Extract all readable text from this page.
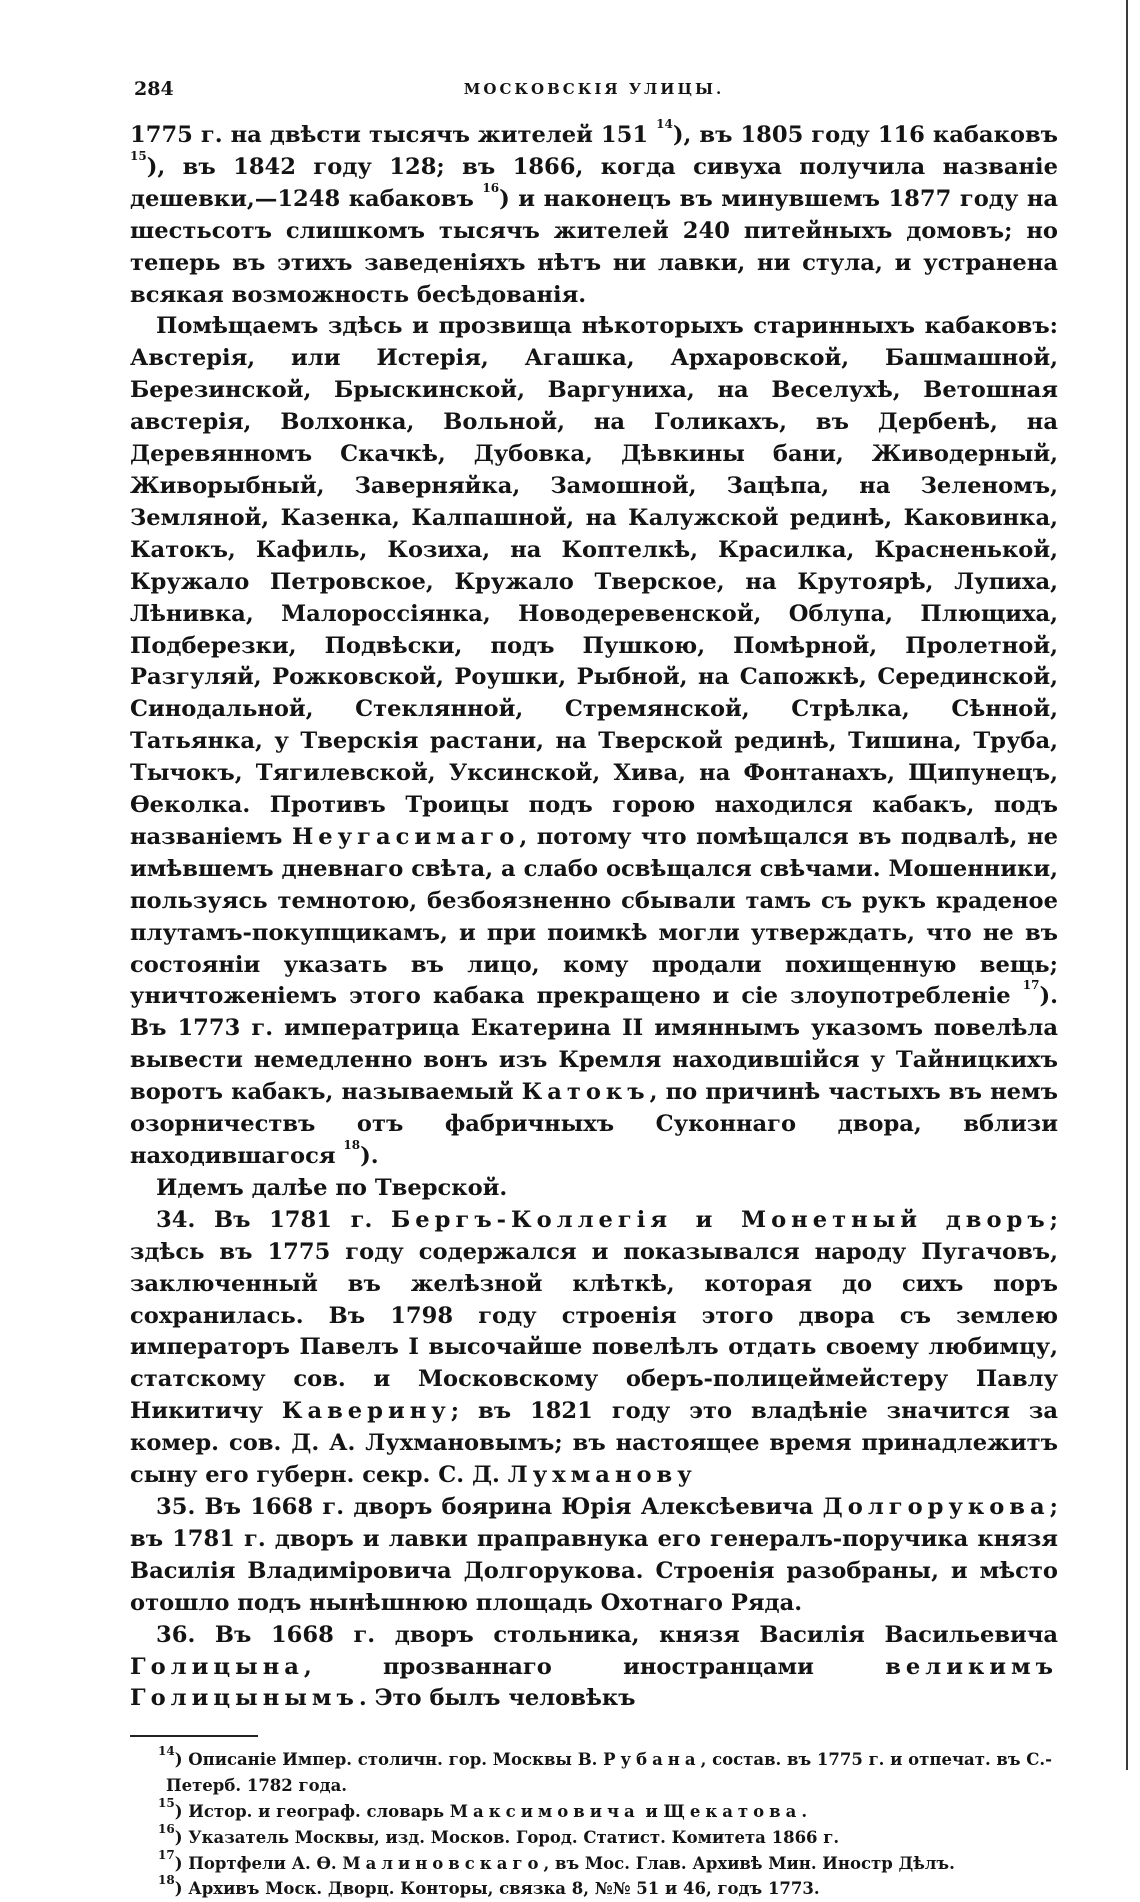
284	МОСКОВСКІЯ УЛИЦЫ.

1775 г. на двѣсти тысячъ жителей 151 $^{14}$), въ 1805 году 116 кабаковъ $^{15}$), въ 1842 году 128; въ 1866, когда сивуха получила названіе дешевки,—1248 кабаковъ $^{16}$) и наконецъ въ минувшемъ 1877 году на шестьсотъ слишкомъ тысячъ жителей 240 питейныхъ домовъ; но теперь въ этихъ заведеніяхъ нѣтъ ни лавки, ни стула, и устранена всякая возможность бесѣдованія.

Помѣщаемъ здѣсь и прозвища нѣкоторыхъ старинныхъ кабаковъ: Австерія, или Истерія, Агашка, Архаровской, Башмашной, Березинской, Брыскинской, Варгуниха, на Веселухѣ, Ветошная австерія, Волхонка, Вольной, на Голикахъ, въ Дербенѣ, на Деревянномъ Скачкѣ, Дубовка, Дѣвкины бани, Живодерный, Живорыбный, Заверняйка, Замошной, Зацѣпа, на Зеленомъ, Земляной, Казенка, Калпашной, на Калужской рединѣ, Каковинка, Катокъ, Кафиль, Козиха, на Коптелкѣ, Красилка, Красненькой, Кружало Петровское, Кружало Тверское, на Крутоярѣ, Лупиха, Лѣнивка, Малороссіянка, Новодеревенской, Облупа, Плющиха, Подберезки, Подвѣски, подъ Пушкою, Помѣрной, Пролетной, Разгуляй, Рожковской, Роушки, Рыбной, на Сапожкѣ, Серединской, Синодальной, Стеклянной, Стремянской, Стрѣлка, Сѣнной, Татьянка, у Тверскія растани, на Тверской рединѣ, Тишина, Труба, Тычокъ, Тягилевской, Уксинской, Хива, на Фонтанахъ, Щипунецъ, Ѳеколка. Противъ Троицы подъ горою находился кабакъ, подъ названіемъ Неугасимаго, потому что помѣщался въ подвалѣ, не имѣвшемъ дневнаго свѣта, а слабо освѣщался свѣчами. Мошенники, пользуясь темнотою, безбоязненно сбывали тамъ съ рукъ краденое плутамъ-покупщикамъ, и при поимкѣ могли утверждать, что не въ состояніи указать въ лицо, кому продали похищенную вещь; уничтоженіемъ этого кабака прекращено и сіе злоупотребленіе $^{17}$). Въ 1773 г. императрица Екатерина II имяннымъ указомъ повелѣла вывести немедленно вонъ изъ Кремля находившійся у Тайницкихъ воротъ кабакъ, называемый Катокъ, по причинѣ частыхъ въ немъ озорничествъ отъ фабричныхъ Суконнаго двора, вблизи находившагося $^{18}$).

Идемъ далѣе по Тверской.

34. Въ 1781 г. Бергъ-Коллегія и Монетный дворъ; здѣсь въ 1775 году содержался и показывался народу Пугачовъ, заключенный въ желѣзной клѣткѣ, которая до сихъ поръ сохранилась. Въ 1798 году строенія этого двора съ землею императоръ Павелъ I высочайше повелѣлъ отдать своему любимцу, статскому сов. и Московскому оберъ-полицеймейстеру Павлу Никитичу Каверину; въ 1821 году это владѣніе значится за комер. сов. Д. А. Лухмановымъ; въ настоящее время принадлежитъ сыну его губерн. секр. С. Д. Лухманову

35. Въ 1668 г. дворъ боярина Юрія Алексѣевича Долгорукова; въ 1781 г. дворъ и лавки праправнука его генералъ-поручика князя Василія Владиміровича Долгорукова. Строенія разобраны, и мѣсто отошло подъ нынѣшнюю площадь Охотнаго Ряда.

36. Въ 1668 г. дворъ стольника, князя Василія Васильевича Голицына, прозваннаго иностранцами великимъ Голицынымъ. Это былъ человѣкъ

$^{14}$) Описаніе Импер. столичн. гор. Москвы В. Рубана, состав. въ 1775 г. и отпечат. въ С.-Петерб. 1782 года.

$^{15}$) Истор. и географ. словарь Максимовича и Щекатова.

$^{16}$) Указатель Москвы, изд. Москов. Город. Статист. Комитета 1866 г.

$^{17}$) Портфели А. Ѳ. Малиновскаго, въ Мос. Глав. Архивѣ Мин. Иностр Дѣлъ.

$^{18}$) Архивъ Моск. Дворц. Конторы, связка 8, №№ 51 и 46, годъ 1773.
